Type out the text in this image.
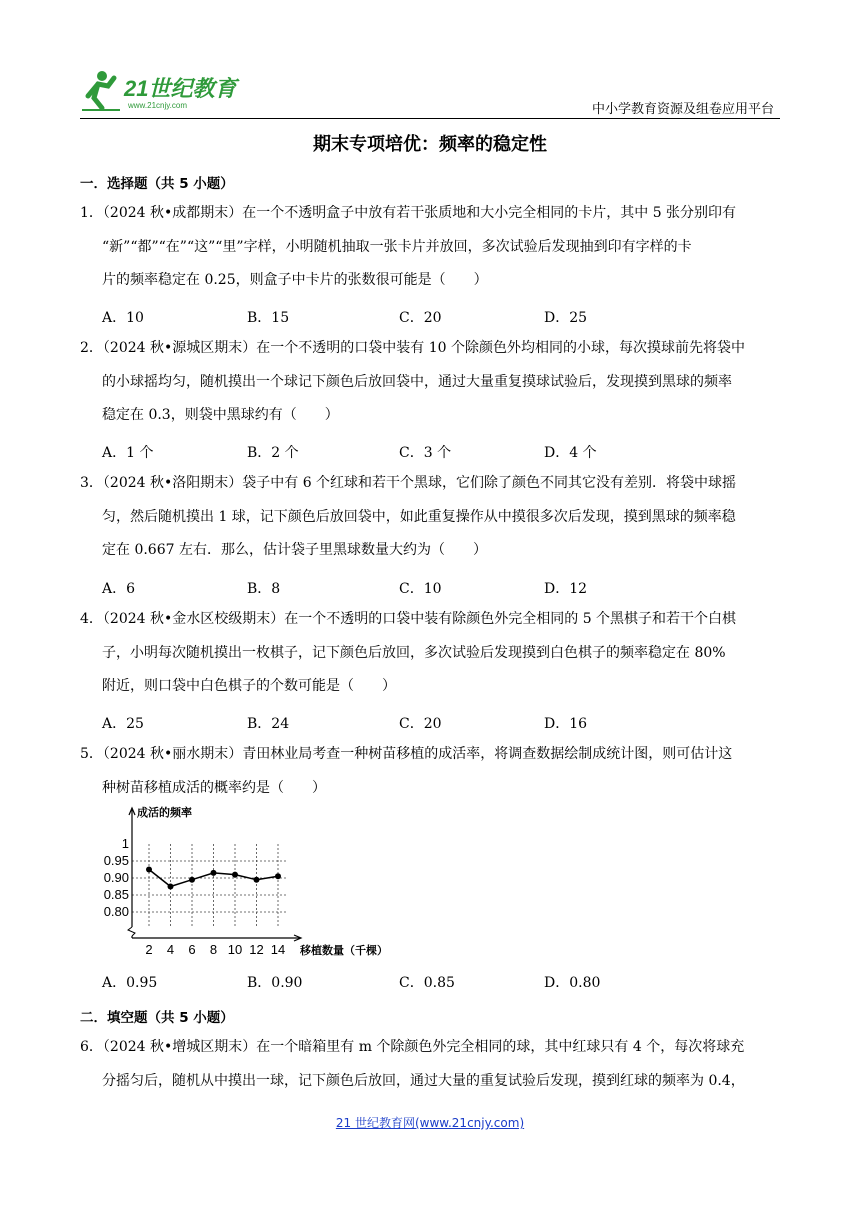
21世纪教育
www.21cnjy.com	中小学教育资源及组卷应用平台
期末专项培优：频率的稳定性
一．选择题（共 5 小题）
1．（2024 秋•成都期末）在一个不透明盒子中放有若干张质地和大小完全相同的卡片，其中 5 张分别印有
“新”“都”“在”“这”“里”字样，小明随机抽取一张卡片并放回，多次试验后发现抽到印有字样的卡
片的频率稳定在 0.25，则盒子中卡片的张数很可能是（　　）
A．10	B．15	C．20	D．25
2．（2024 秋•源城区期末）在一个不透明的口袋中装有 10 个除颜色外均相同的小球，每次摸球前先将袋中
的小球摇均匀，随机摸出一个球记下颜色后放回袋中，通过大量重复摸球试验后，发现摸到黑球的频率
稳定在 0.3，则袋中黑球约有（　　）
A．1 个	B．2 个	C．3 个	D．4 个
3．（2024 秋•洛阳期末）袋子中有 6 个红球和若干个黑球，它们除了颜色不同其它没有差别．将袋中球摇
匀，然后随机摸出 1 球，记下颜色后放回袋中，如此重复操作从中摸很多次后发现，摸到黑球的频率稳
定在 0.667 左右．那么，估计袋子里黑球数量大约为（　　）
A．6	B．8	C．10	D．12
4．（2024 秋•金水区校级期末）在一个不透明的口袋中装有除颜色外完全相同的 5 个黑棋子和若干个白棋
子，小明每次随机摸出一枚棋子，记下颜色后放回，多次试验后发现摸到白色棋子的频率稳定在 80%
附近，则口袋中白色棋子的个数可能是（　　）
A．25	B．24	C．20	D．16
5．（2024 秋•丽水期末）青田林业局考查一种树苗移植的成活率，将调查数据绘制成统计图，则可估计这
种树苗移植成活的概率约是（　　）
1
0.95
0.90
0.85
0.80
2 4 6 8 10 12 14
成活的频率
移植数量（千棵）
A．0.95	B．0.90	C．0.85	D．0.80
二．填空题（共 5 小题）
6．（2024 秋•增城区期末）在一个暗箱里有 m 个除颜色外完全相同的球，其中红球只有 4 个，每次将球充
分摇匀后，随机从中摸出一球，记下颜色后放回，通过大量的重复试验后发现，摸到红球的频率为 0.4，
21 世纪教育网(www.21cnjy.com)
